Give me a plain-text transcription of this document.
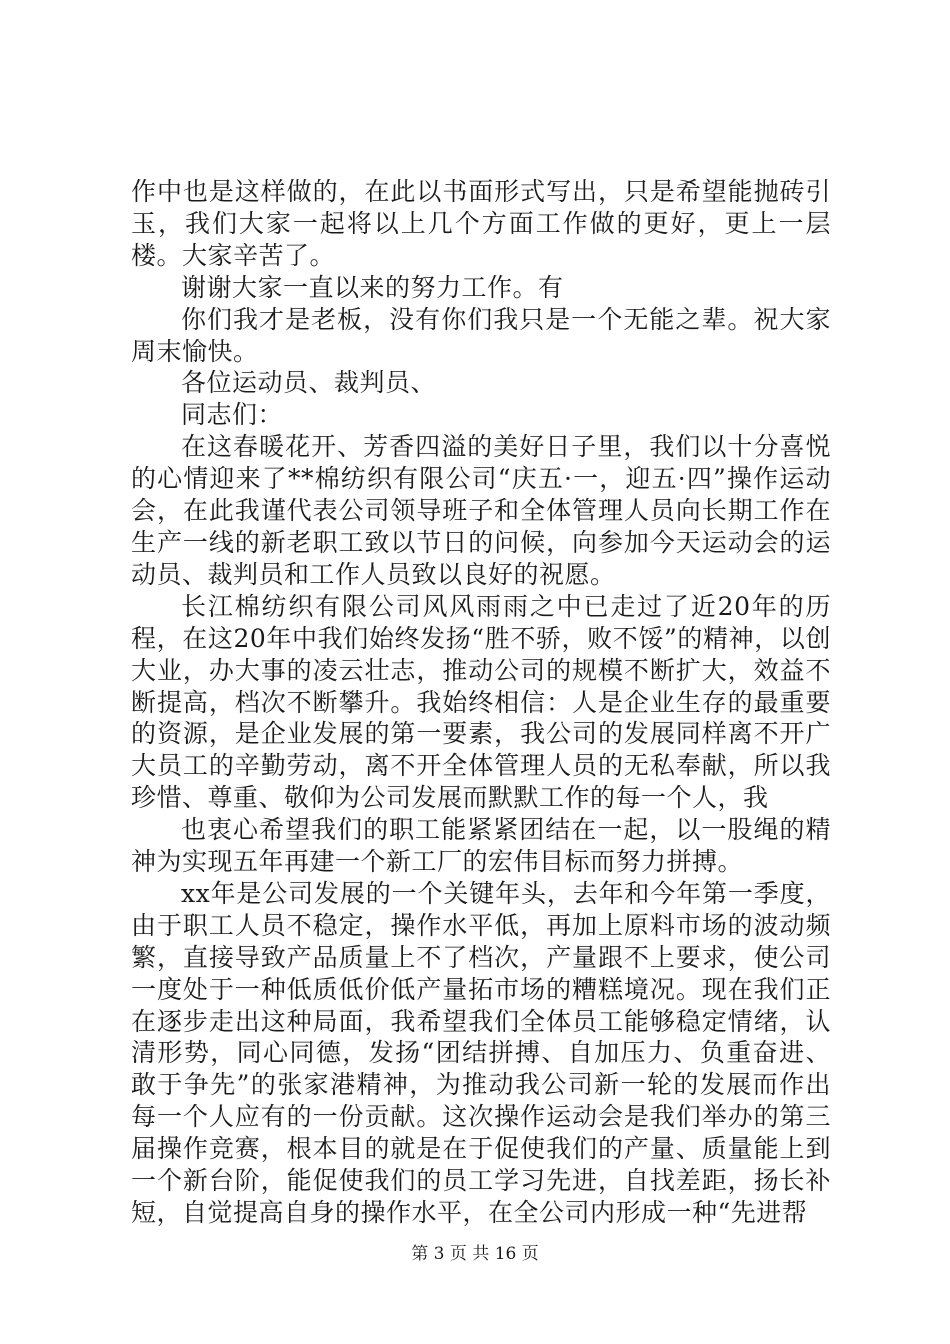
作中也是这样做的，在此以书面形式写出，只是希望能抛砖引玉，我们大家一起将以上几个方面工作做的更好，更上一层楼。大家辛苦了。

谢谢大家一直以来的努力工作。有

你们我才是老板，没有你们我只是一个无能之辈。祝大家周末愉快。

各位运动员、裁判员、

同志们：

在这春暖花开、芳香四溢的美好日子里，我们以十分喜悦的心情迎来了**棉纺织有限公司“庆五·一，迎五·四”操作运动会，在此我谨代表公司领导班子和全体管理人员向长期工作在生产一线的新老职工致以节日的问候，向参加今天运动会的运动员、裁判员和工作人员致以良好的祝愿。

长江棉纺织有限公司风风雨雨之中已走过了近20年的历程，在这20年中我们始终发扬“胜不骄，败不馁”的精神，以创大业，办大事的凌云壮志，推动公司的规模不断扩大，效益不断提高，档次不断攀升。我始终相信：人是企业生存的最重要的资源，是企业发展的第一要素，我公司的发展同样离不开广大员工的辛勤劳动，离不开全体管理人员的无私奉献，所以我珍惜、尊重、敬仰为公司发展而默默工作的每一个人，我

也衷心希望我们的职工能紧紧团结在一起，以一股绳的精神为实现五年再建一个新工厂的宏伟目标而努力拼搏。

xx年是公司发展的一个关键年头，去年和今年第一季度，由于职工人员不稳定，操作水平低，再加上原料市场的波动频繁，直接导致产品质量上不了档次，产量跟不上要求，使公司一度处于一种低质低价低产量拓市场的糟糕境况。现在我们正在逐步走出这种局面，我希望我们全体员工能够稳定情绪，认清形势，同心同德，发扬“团结拼搏、自加压力、负重奋进、敢于争先”的张家港精神，为推动我公司新一轮的发展而作出每一个人应有的一份贡献。这次操作运动会是我们举办的第三届操作竞赛，根本目的就是在于促使我们的产量、质量能上到一个新台阶，能促使我们的员工学习先进，自找差距，扬长补短，自觉提高自身的操作水平，在全公司内形成一种“先进帮

第 3 页 共 16 页
